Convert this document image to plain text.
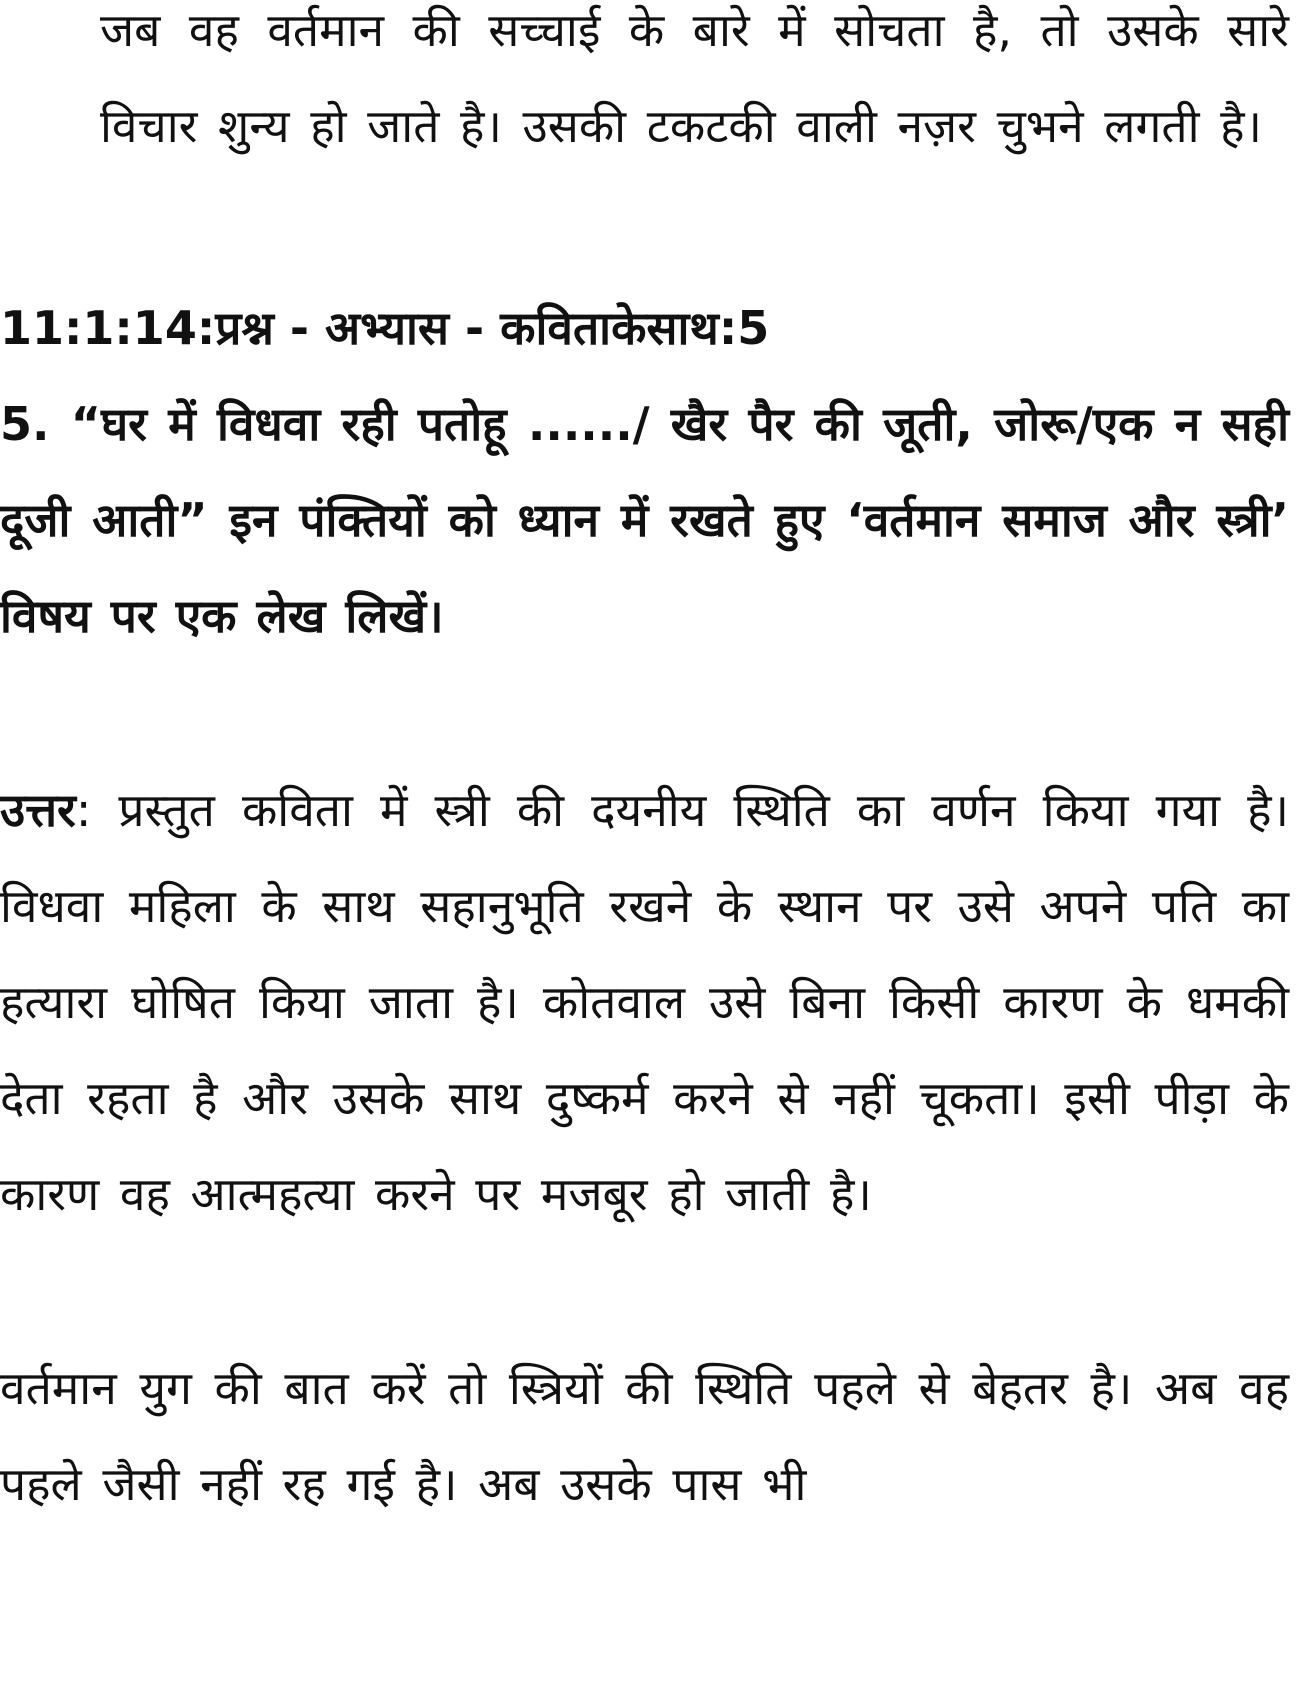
जब वह वर्तमान की सच्चाई के बारे में सोचता है, तो उसके सारे विचार शुन्य हो जाते है। उसकी टकटकी वाली नज़र चुभने लगती है।

11:1:14:प्रश्न - अभ्यास - कविताकेसाथ:5

5. “घर में विधवा रही पतोहू ....../ खैर पैर की जूती, जोरू/एक न सही दूजी आती” इन पंक्तियों को ध्यान में रखते हुए ‘वर्तमान समाज और स्त्री’ विषय पर एक लेख लिखें।

उत्तर: प्रस्तुत कविता में स्त्री की दयनीय स्थिति का वर्णन किया गया है। विधवा महिला के साथ सहानुभूति रखने के स्थान पर उसे अपने पति का हत्यारा घोषित किया जाता है। कोतवाल उसे बिना किसी कारण के धमकी देता रहता है और उसके साथ दुष्कर्म करने से नहीं चूकता। इसी पीड़ा के कारण वह आत्महत्या करने पर मजबूर हो जाती है।

वर्तमान युग की बात करें तो स्त्रियों की स्थिति पहले से बेहतर है। अब वह पहले जैसी नहीं रह गई है। अब उसके पास भी
